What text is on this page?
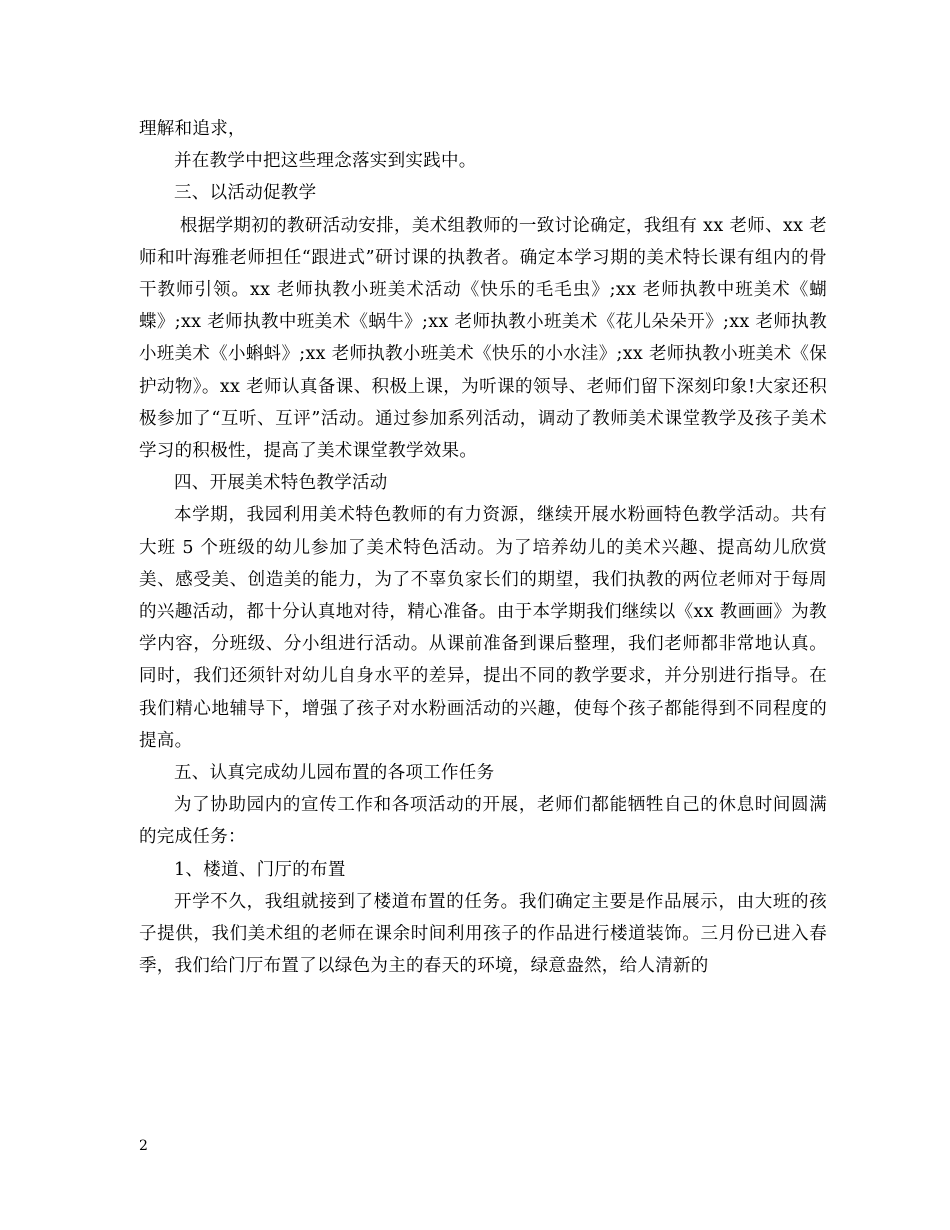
理解和追求，

并在教学中把这些理念落实到实践中。

三、以活动促教学

根据学期初的教研活动安排，美术组教师的一致讨论确定，我组有 xx 老师、xx 老师和叶海雅老师担任“跟进式”研讨课的执教者。确定本学习期的美术特长课有组内的骨干教师引领。xx 老师执教小班美术活动《快乐的毛毛虫》;xx 老师执教中班美术《蝴蝶》;xx 老师执教中班美术《蜗牛》;xx 老师执教小班美术《花儿朵朵开》;xx 老师执教小班美术《小蝌蚪》;xx 老师执教小班美术《快乐的小水洼》;xx 老师执教小班美术《保护动物》。xx 老师认真备课、积极上课，为听课的领导、老师们留下深刻印象!大家还积极参加了“互听、互评”活动。通过参加系列活动，调动了教师美术课堂教学及孩子美术学习的积极性，提高了美术课堂教学效果。

四、开展美术特色教学活动

本学期，我园利用美术特色教师的有力资源，继续开展水粉画特色教学活动。共有大班 5 个班级的幼儿参加了美术特色活动。为了培养幼儿的美术兴趣、提高幼儿欣赏美、感受美、创造美的能力，为了不辜负家长们的期望，我们执教的两位老师对于每周的兴趣活动，都十分认真地对待，精心准备。由于本学期我们继续以《xx 教画画》为教学内容，分班级、分小组进行活动。从课前准备到课后整理，我们老师都非常地认真。同时，我们还须针对幼儿自身水平的差异，提出不同的教学要求，并分别进行指导。在我们精心地辅导下，增强了孩子对水粉画活动的兴趣，使每个孩子都能得到不同程度的提高。

五、认真完成幼儿园布置的各项工作任务

为了协助园内的宣传工作和各项活动的开展，老师们都能牺牲自己的休息时间圆满的完成任务：

1、楼道、门厅的布置

开学不久，我组就接到了楼道布置的任务。我们确定主要是作品展示，由大班的孩子提供，我们美术组的老师在课余时间利用孩子的作品进行楼道装饰。三月份已进入春季，我们给门厅布置了以绿色为主的春天的环境，绿意盎然，给人清新的

2
